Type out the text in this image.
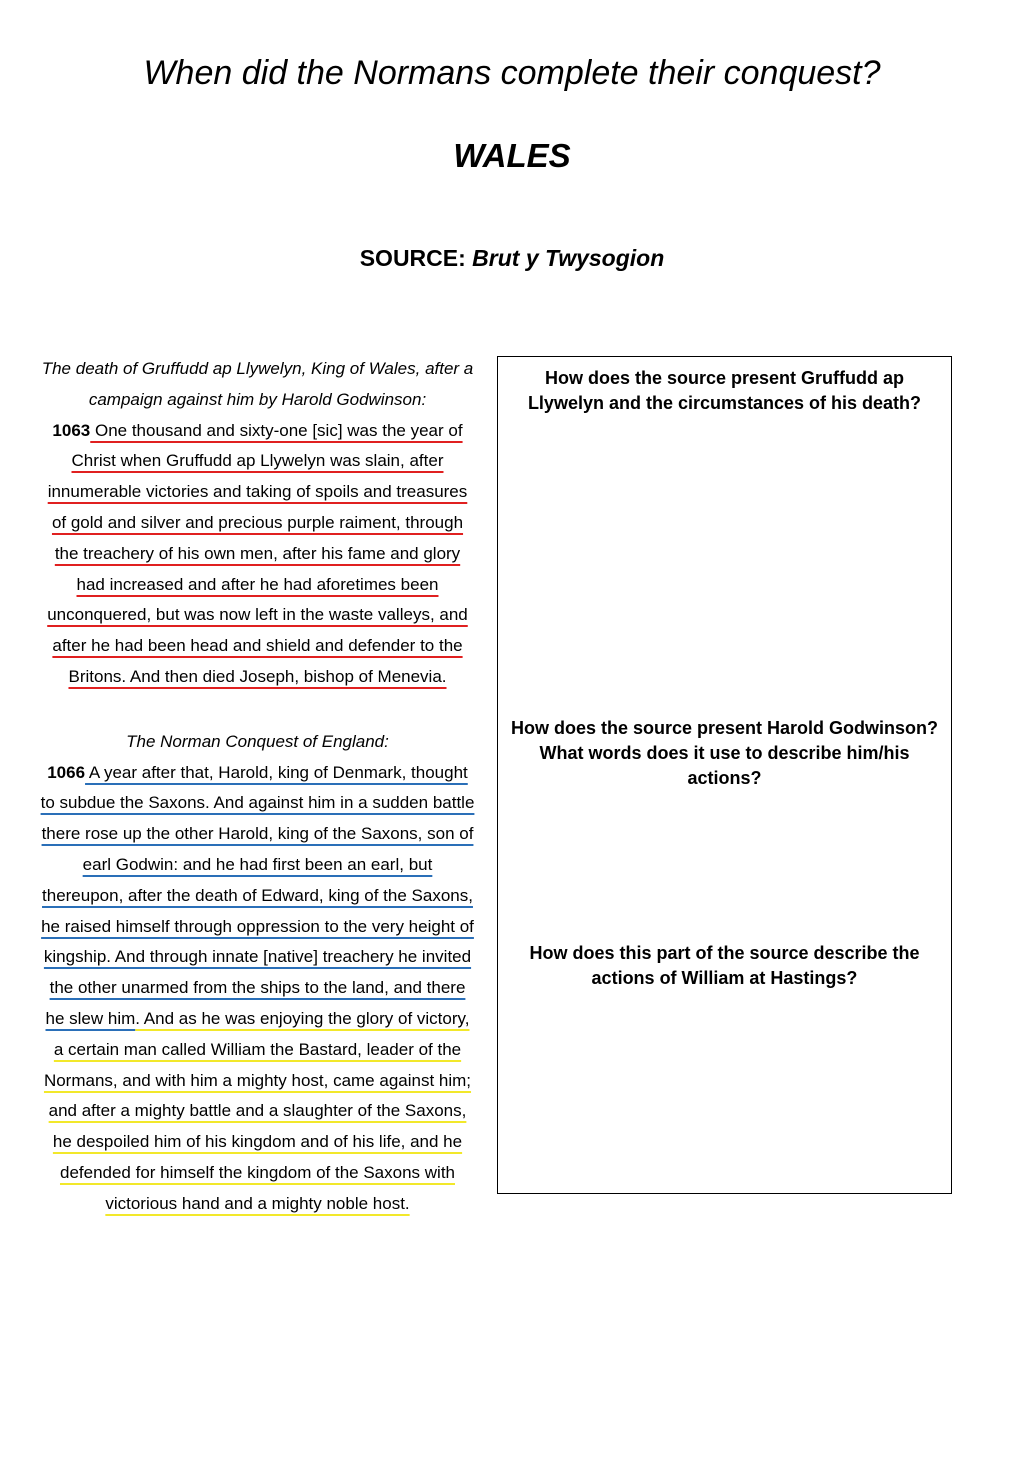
When did the Normans complete their conquest?
WALES
SOURCE: Brut y Twysogion
The death of Gruffudd ap Llywelyn, King of Wales, after a campaign against him by Harold Godwinson:
1063 One thousand and sixty-one [sic] was the year of Christ when Gruffudd ap Llywelyn was slain, after innumerable victories and taking of spoils and treasures of gold and silver and precious purple raiment, through the treachery of his own men, after his fame and glory had increased and after he had aforetimes been unconquered, but was now left in the waste valleys, and after he had been head and shield and defender to the Britons. And then died Joseph, bishop of Menevia.
The Norman Conquest of England:
1066 A year after that, Harold, king of Denmark, thought to subdue the Saxons. And against him in a sudden battle there rose up the other Harold, king of the Saxons, son of earl Godwin: and he had first been an earl, but thereupon, after the death of Edward, king of the Saxons, he raised himself through oppression to the very height of kingship. And through innate [native] treachery he invited the other unarmed from the ships to the land, and there he slew him. And as he was enjoying the glory of victory, a certain man called William the Bastard, leader of the Normans, and with him a mighty host, came against him; and after a mighty battle and a slaughter of the Saxons, he despoiled him of his kingdom and of his life, and he defended for himself the kingdom of the Saxons with victorious hand and a mighty noble host.
How does the source present Gruffudd ap Llywelyn and the circumstances of his death?
How does the source present Harold Godwinson? What words does it use to describe him/his actions?
How does this part of the source describe the actions of William at Hastings?
